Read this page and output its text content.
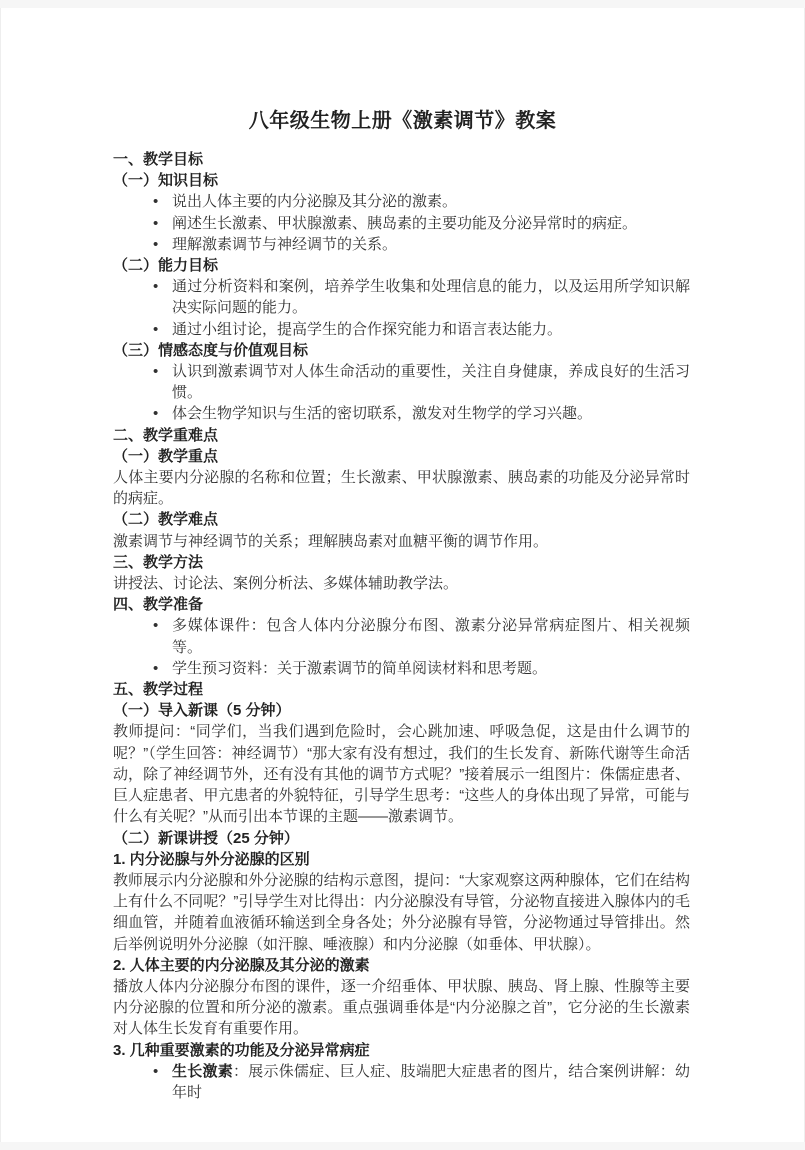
八年级生物上册《激素调节》教案
一、教学目标
（一）知识目标
• 说出人体主要的内分泌腺及其分泌的激素。
• 阐述生长激素、甲状腺激素、胰岛素的主要功能及分泌异常时的病症。
• 理解激素调节与神经调节的关系。
（二）能力目标
• 通过分析资料和案例，培养学生收集和处理信息的能力，以及运用所学知识解决实际问题的能力。
• 通过小组讨论，提高学生的合作探究能力和语言表达能力。
（三）情感态度与价值观目标
• 认识到激素调节对人体生命活动的重要性，关注自身健康，养成良好的生活习惯。
• 体会生物学知识与生活的密切联系，激发对生物学的学习兴趣。
二、教学重难点
（一）教学重点
人体主要内分泌腺的名称和位置；生长激素、甲状腺激素、胰岛素的功能及分泌异常时的病症。
（二）教学难点
激素调节与神经调节的关系；理解胰岛素对血糖平衡的调节作用。
三、教学方法
讲授法、讨论法、案例分析法、多媒体辅助教学法。
四、教学准备
• 多媒体课件：包含人体内分泌腺分布图、激素分泌异常病症图片、相关视频等。
• 学生预习资料：关于激素调节的简单阅读材料和思考题。
五、教学过程
（一）导入新课（5 分钟）
教师提问：“同学们，当我们遇到危险时，会心跳加速、呼吸急促，这是由什么调节的呢？”（学生回答：神经调节）“那大家有没有想过，我们的生长发育、新陈代谢等生命活动，除了神经调节外，还有没有其他的调节方式呢？”接着展示一组图片：侏儒症患者、巨人症患者、甲亢患者的外貌特征，引导学生思考：“这些人的身体出现了异常，可能与什么有关呢？”从而引出本节课的主题——激素调节。
（二）新课讲授（25 分钟）
1. 内分泌腺与外分泌腺的区别
教师展示内分泌腺和外分泌腺的结构示意图，提问：“大家观察这两种腺体，它们在结构上有什么不同呢？”引导学生对比得出：内分泌腺没有导管，分泌物直接进入腺体内的毛细血管，并随着血液循环输送到全身各处；外分泌腺有导管，分泌物通过导管排出。然后举例说明外分泌腺（如汗腺、唾液腺）和内分泌腺（如垂体、甲状腺）。
2. 人体主要的内分泌腺及其分泌的激素
播放人体内分泌腺分布图的课件，逐一介绍垂体、甲状腺、胰岛、肾上腺、性腺等主要内分泌腺的位置和所分泌的激素。重点强调垂体是“内分泌腺之首”，它分泌的生长激素对人体生长发育有重要作用。
3. 几种重要激素的功能及分泌异常病症
• 生长激素：展示侏儒症、巨人症、肢端肥大症患者的图片，结合案例讲解：幼年时
